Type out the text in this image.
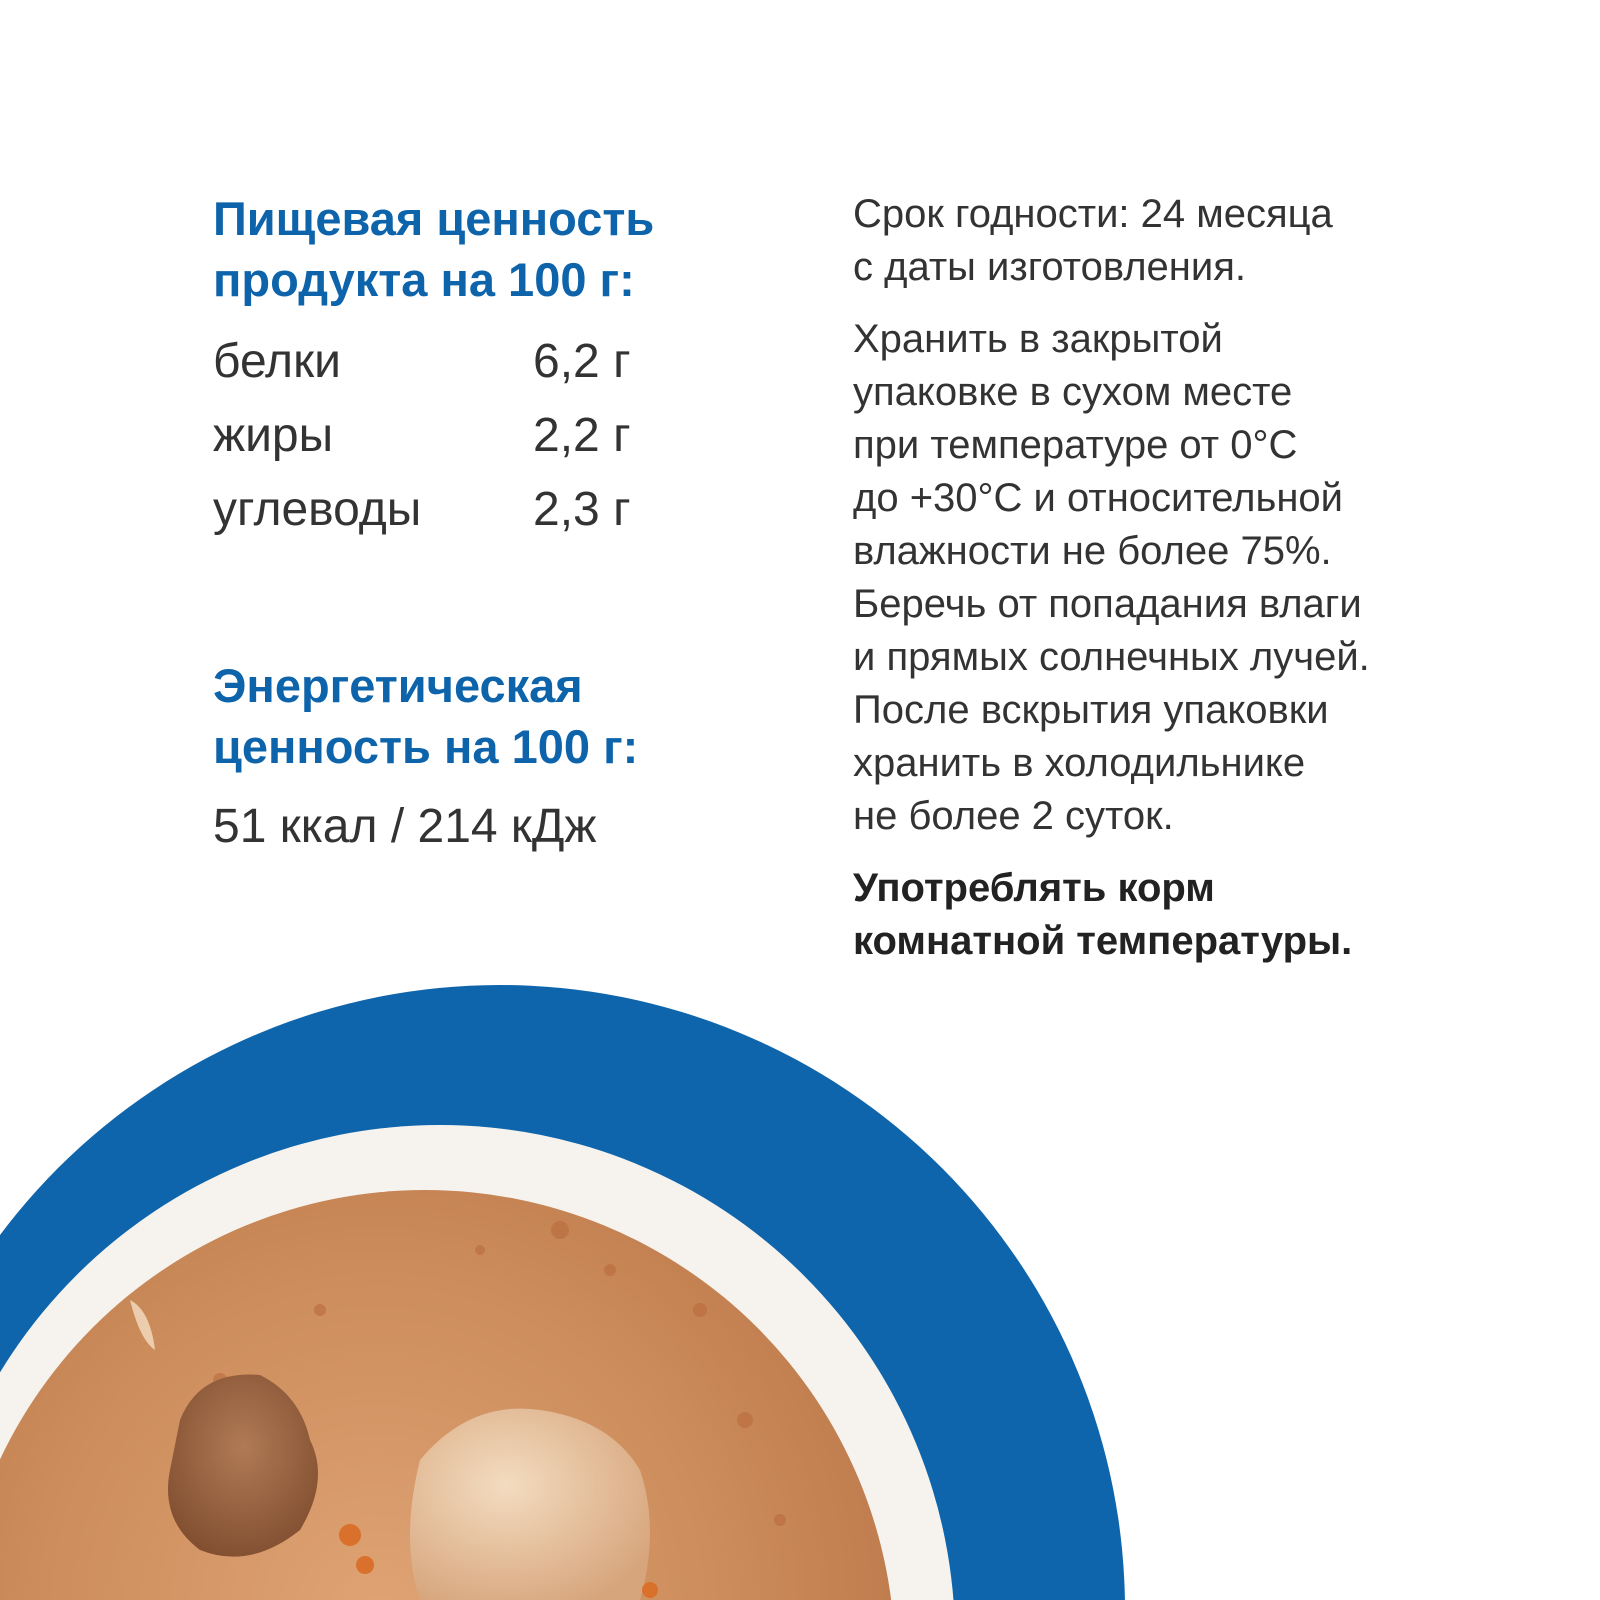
Пищевая ценность
продукта на 100 г:
белки	6,2 г
жиры	2,2 г
углеводы	2,3 г
Энергетическая
ценность на 100 г:
51 ккал / 214 кДж

Срок годности: 24 месяца
с даты изготовления.

Хранить в закрытой
упаковке в сухом месте
при температуре от 0°С
до +30°С и относительной
влажности не более 75%.
Беречь от попадания влаги
и прямых солнечных лучей.
После вскрытия упаковки
хранить в холодильнике
не более 2 суток.

Употреблять корм
комнатной температуры.
